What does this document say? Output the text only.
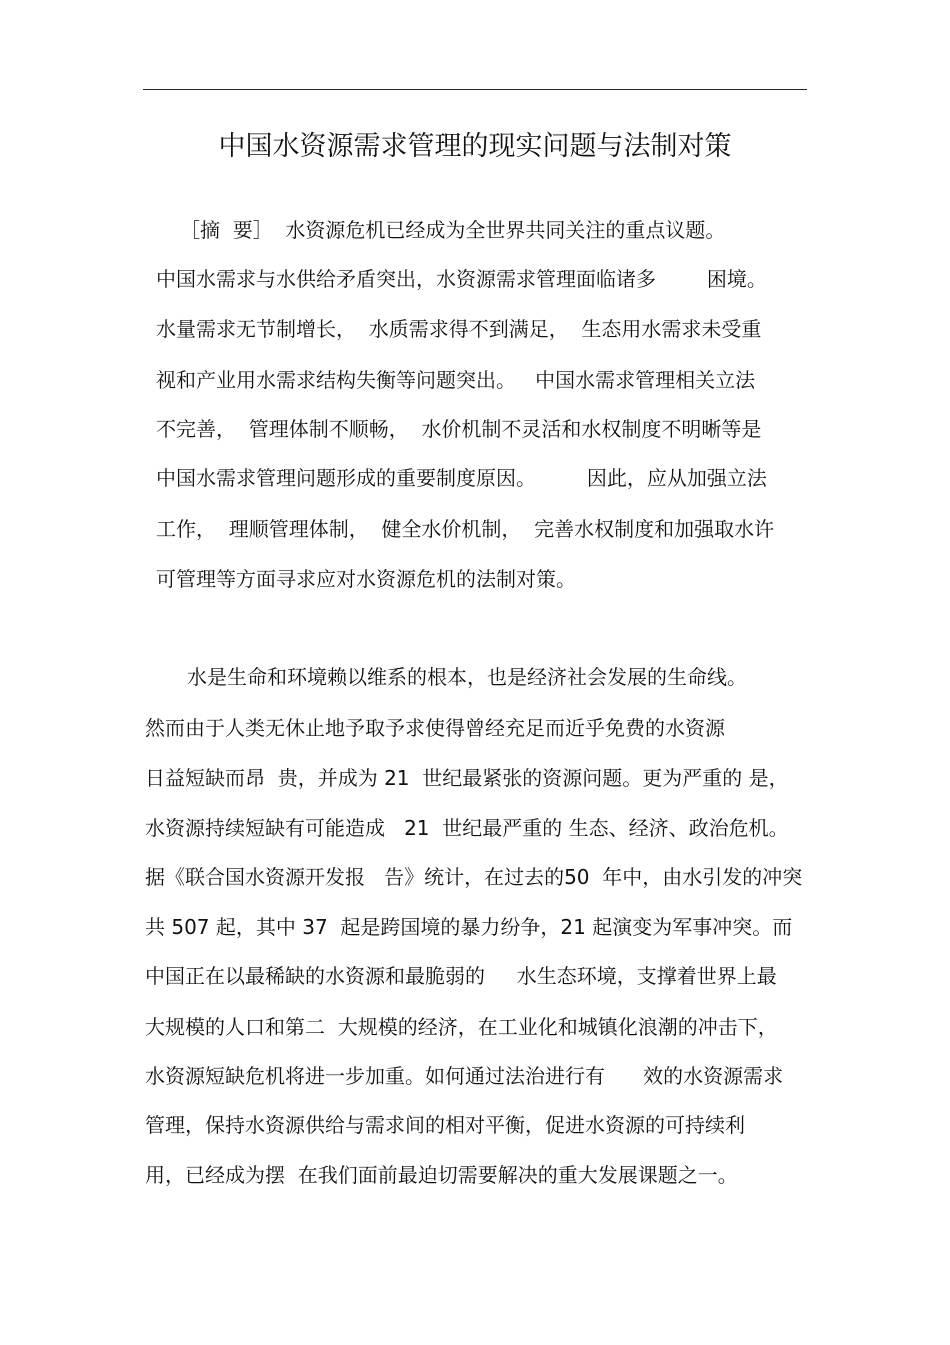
中国水资源需求管理的现实问题与法制对策
［摘  要］  水资源危机已经成为全世界共同关注的重点议题。
中国水需求与水供给矛盾突出，水资源需求管理面临诸多        困境。
水量需求无节制增长，  水质需求得不到满足，  生态用水需求未受重
视和产业用水需求结构失衡等问题突出。   中国水需求管理相关立法
不完善，  管理体制不顺畅，  水价机制不灵活和水权制度不明晰等是
中国水需求管理问题形成的重要制度原因。        因此，应从加强立法
工作，  理顺管理体制，  健全水价机制，  完善水权制度和加强取水许
可管理等方面寻求应对水资源危机的法制对策。
水是生命和环境赖以维系的根本，也是经济社会发展的生命线。
然而由于人类无休止地予取予求使得曾经充足而近乎免费的水资源
日益短缺而昂  贵，并成为 21  世纪最紧张的资源问题。更为严重的 是，
水资源持续短缺有可能造成   21  世纪最严重的 生态、经济、政治危机。
据《联合国水资源开发报   告》统计，在过去的50  年中，由水引发的冲突
共 507 起，其中 37  起是跨国境的暴力纷争，21 起演变为军事冲突。而
中国正在以最稀缺的水资源和最脆弱的     水生态环境，支撑着世界上最
大规模的人口和第二  大规模的经济，在工业化和城镇化浪潮的冲击下，
水资源短缺危机将进一步加重。如何通过法治进行有      效的水资源需求
管理，保持水资源供给与需求间的相对平衡，促进水资源的可持续利
用，已经成为摆  在我们面前最迫切需要解决的重大发展课题之一。
